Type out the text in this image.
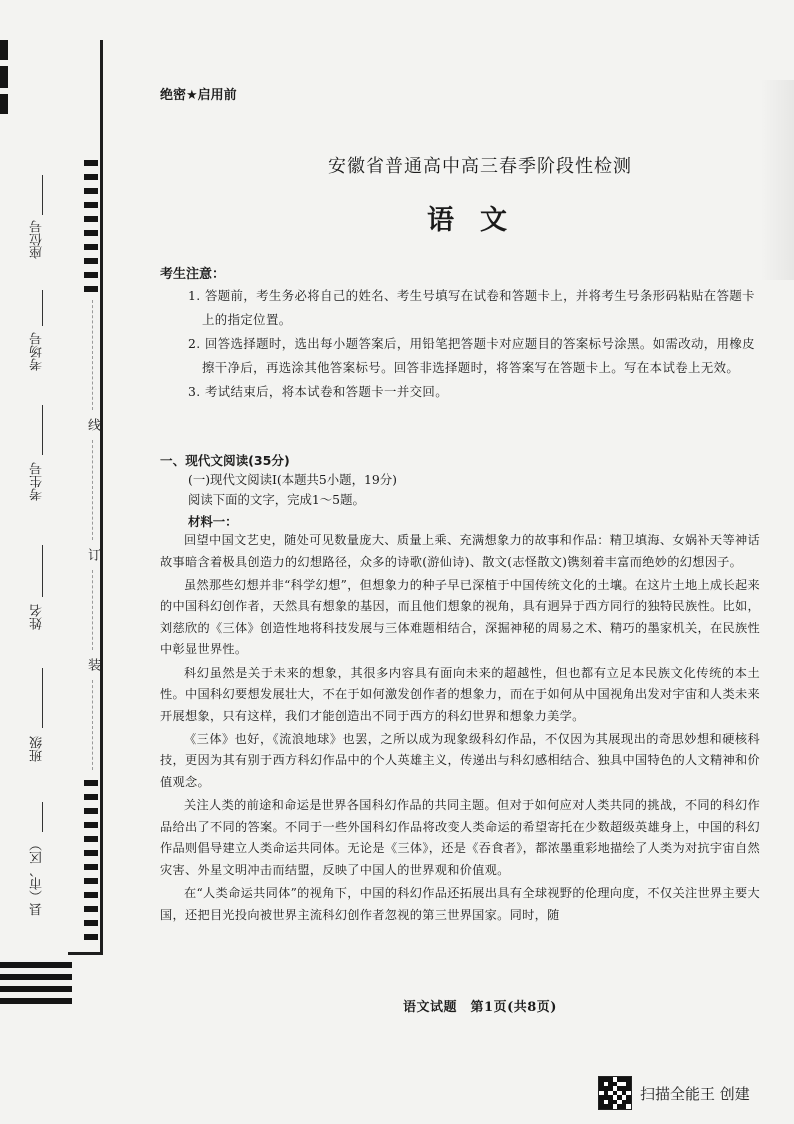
座位号
考场号
考生号
姓名
班级
县（市、区）
线
订
装
绝密★启用前
安徽省普通高中高三春季阶段性检测
语文
考生注意：

1. 答题前，考生务必将自己的姓名、考生号填写在试卷和答题卡上，并将考生号条形码粘贴在答题卡上的指定位置。

2. 回答选择题时，选出每小题答案后，用铅笔把答题卡对应题目的答案标号涂黑。如需改动，用橡皮擦干净后，再选涂其他答案标号。回答非选择题时，将答案写在答题卡上。写在本试卷上无效。

3. 考试结束后，将本试卷和答题卡一并交回。

一、现代文阅读(35分)
(一)现代文阅读Ⅰ(本题共5小题，19分)
阅读下面的文字，完成1～5题。
材料一：

回望中国文艺史，随处可见数量庞大、质量上乘、充满想象力的故事和作品：精卫填海、女娲补天等神话故事暗含着极具创造力的幻想路径，众多的诗歌(游仙诗)、散文(志怪散文)镌刻着丰富而绝妙的幻想因子。

虽然那些幻想并非“科学幻想”，但想象力的种子早已深植于中国传统文化的土壤。在这片土地上成长起来的中国科幻创作者，天然具有想象的基因，而且他们想象的视角，具有迥异于西方同行的独特民族性。比如，刘慈欣的《三体》创造性地将科技发展与三体难题相结合，深掘神秘的周易之术、精巧的墨家机关，在民族性中彰显世界性。

科幻虽然是关于未来的想象，其很多内容具有面向未来的超越性，但也都有立足本民族文化传统的本土性。中国科幻要想发展壮大，不在于如何激发创作者的想象力，而在于如何从中国视角出发对宇宙和人类未来开展想象，只有这样，我们才能创造出不同于西方的科幻世界和想象力美学。

《三体》也好，《流浪地球》也罢，之所以成为现象级科幻作品，不仅因为其展现出的奇思妙想和硬核科技，更因为其有别于西方科幻作品中的个人英雄主义，传递出与科幻感相结合、独具中国特色的人文精神和价值观念。

关注人类的前途和命运是世界各国科幻作品的共同主题。但对于如何应对人类共同的挑战，不同的科幻作品给出了不同的答案。不同于一些外国科幻作品将改变人类命运的希望寄托在少数超级英雄身上，中国的科幻作品则倡导建立人类命运共同体。无论是《三体》，还是《吞食者》，都浓墨重彩地描绘了人类为对抗宇宙自然灾害、外星文明冲击而结盟，反映了中国人的世界观和价值观。

在“人类命运共同体”的视角下，中国的科幻作品还拓展出具有全球视野的伦理向度，不仅关注世界主要大国，还把目光投向被世界主流科幻创作者忽视的第三世界国家。同时，随

语文试题　第1页(共8页)
扫描全能王 创建
